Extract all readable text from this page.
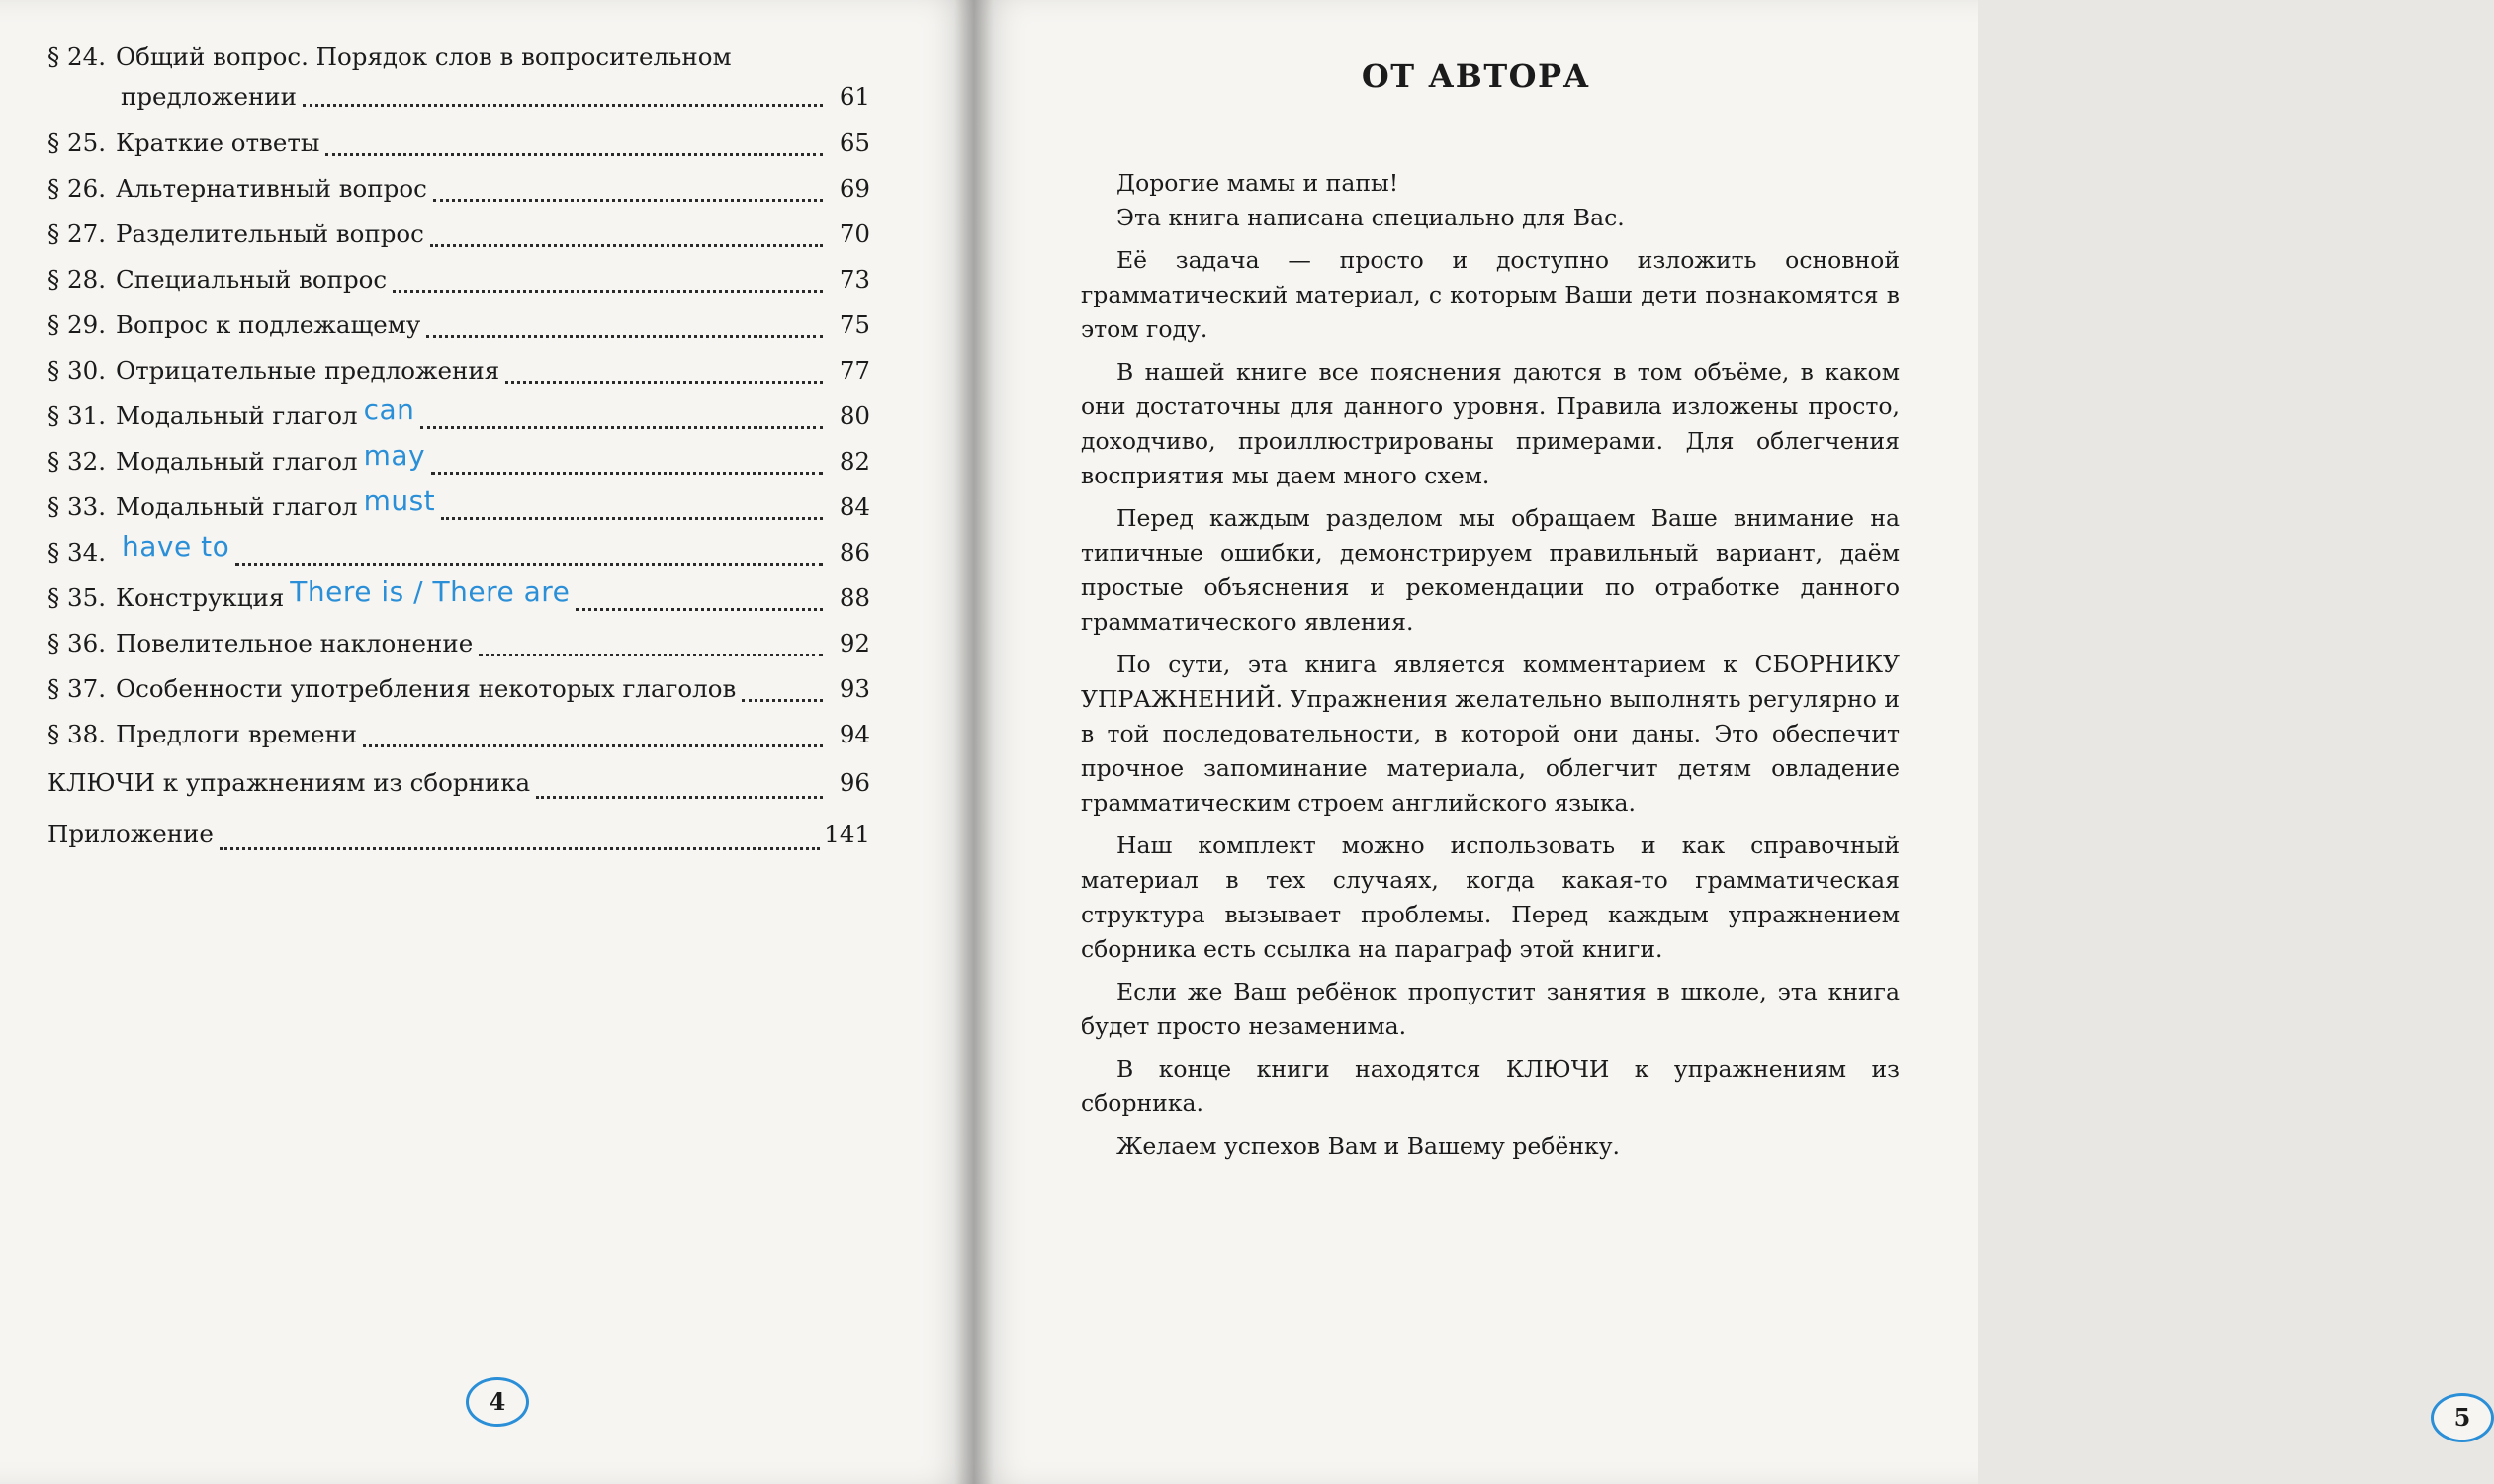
§ 24. Общий вопрос. Порядок слов в вопросительном
предложении	61
§ 25. Краткие ответы	65
§ 26. Альтернативный вопрос	69
§ 27. Разделительный вопрос	70
§ 28. Специальный вопрос	73
§ 29. Вопрос к подлежащему	75
§ 30. Отрицательные предложения	77
§ 31. Модальный глагол can	80
§ 32. Модальный глагол may	82
§ 33. Модальный глагол must	84
§ 34. have to	86
§ 35. Конструкция There is / There are	88
§ 36. Повелительное наклонение	92
§ 37. Особенности употребления некоторых глаголов	93
§ 38. Предлоги времени	94
КЛЮЧИ к упражнениям из сборника	96
Приложение	141
4
ОТ АВТОРА

Дорогие мамы и папы!

Эта книга написана специально для Вас.

Её задача — просто и доступно изложить основной грамматический материал, с которым Ваши дети познакомятся в этом году.

В нашей книге все пояснения даются в том объёме, в каком они достаточны для данного уровня. Правила изложены просто, доходчиво, проиллюстрированы примерами. Для облегчения восприятия мы даем много схем.

Перед каждым разделом мы обращаем Ваше внимание на типичные ошибки, демонстрируем правильный вариант, даём простые объяснения и рекомендации по отработке данного грамматического явления.

По сути, эта книга является комментарием к СБОРНИКУ УПРАЖНЕНИЙ. Упражнения желательно выполнять регулярно и в той последовательности, в которой они даны. Это обеспечит прочное запоминание материала, облегчит детям овладение грамматическим строем английского языка.

Наш комплект можно использовать и как справочный материал в тех случаях, когда какая-то грамматическая структура вызывает проблемы. Перед каждым упражнением сборника есть ссылка на параграф этой книги.

Если же Ваш ребёнок пропустит занятия в школе, эта книга будет просто незаменима.

В конце книги находятся КЛЮЧИ к упражнениям из сборника.

Желаем успехов Вам и Вашему ребёнку.

5
